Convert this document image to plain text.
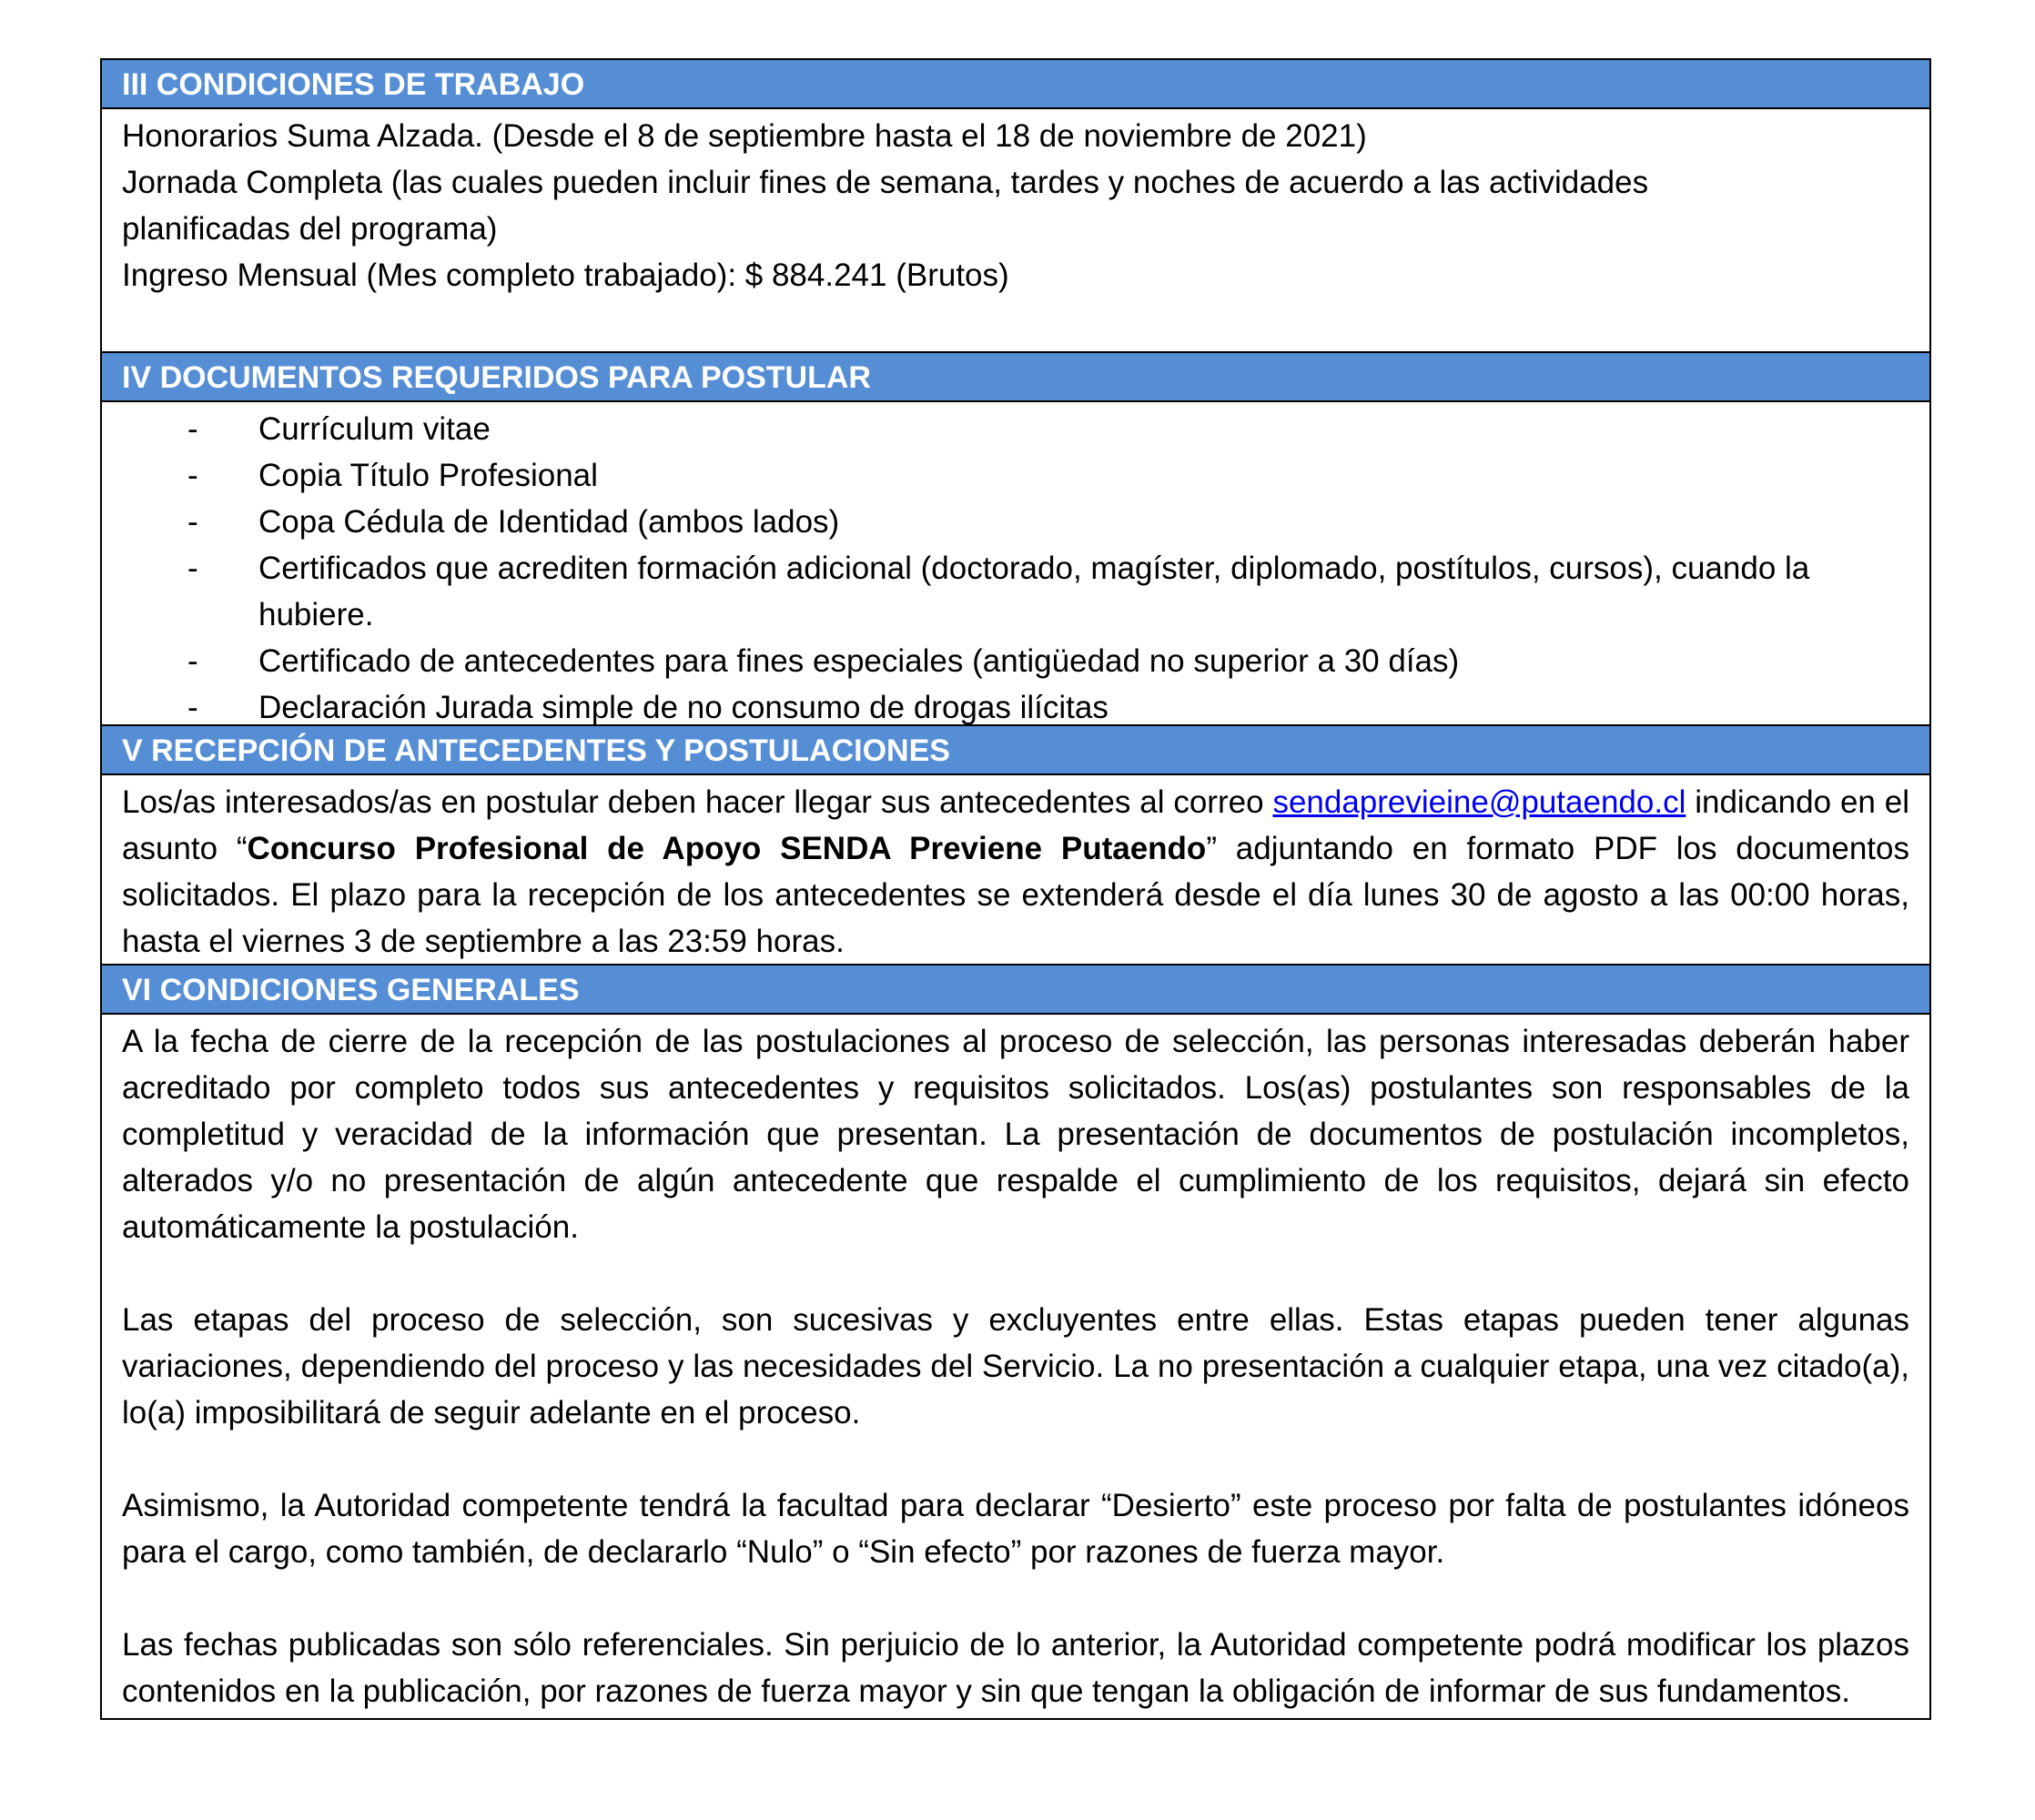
III CONDICIONES DE TRABAJO
Honorarios Suma Alzada. (Desde el 8 de septiembre hasta el 18 de noviembre de 2021)
Jornada Completa (las cuales pueden incluir fines de semana, tardes y noches de acuerdo a las actividades
planificadas del programa)
Ingreso Mensual (Mes completo trabajado): $ 884.241 (Brutos)
IV DOCUMENTOS REQUERIDOS PARA POSTULAR
- Currículum vitae
- Copia Título Profesional
- Copa Cédula de Identidad (ambos lados)
- Certificados que acrediten formación adicional (doctorado, magíster, diplomado, postítulos, cursos), cuando la hubiere.
- Certificado de antecedentes para fines especiales (antigüedad no superior a 30 días)
- Declaración Jurada simple de no consumo de drogas ilícitas
V RECEPCIÓN DE ANTECEDENTES Y POSTULACIONES
Los/as interesados/as en postular deben hacer llegar sus antecedentes al correo sendaprevieine@putaendo.cl indicando en el asunto “Concurso Profesional de Apoyo SENDA Previene Putaendo” adjuntando en formato PDF los documentos solicitados. El plazo para la recepción de los antecedentes se extenderá desde el día lunes 30 de agosto a las 00:00 horas, hasta el viernes 3 de septiembre a las 23:59 horas.
VI CONDICIONES GENERALES
A la fecha de cierre de la recepción de las postulaciones al proceso de selección, las personas interesadas deberán haber acreditado por completo todos sus antecedentes y requisitos solicitados. Los(as) postulantes son responsables de la completitud y veracidad de la información que presentan. La presentación de documentos de postulación incompletos, alterados y/o no presentación de algún antecedente que respalde el cumplimiento de los requisitos, dejará sin efecto automáticamente la postulación.
Las etapas del proceso de selección, son sucesivas y excluyentes entre ellas. Estas etapas pueden tener algunas variaciones, dependiendo del proceso y las necesidades del Servicio. La no presentación a cualquier etapa, una vez citado(a), lo(a) imposibilitará de seguir adelante en el proceso.
Asimismo, la Autoridad competente tendrá la facultad para declarar “Desierto” este proceso por falta de postulantes idóneos para el cargo, como también, de declararlo “Nulo” o “Sin efecto” por razones de fuerza mayor.
Las fechas publicadas son sólo referenciales. Sin perjuicio de lo anterior, la Autoridad competente podrá modificar los plazos contenidos en la publicación, por razones de fuerza mayor y sin que tengan la obligación de informar de sus fundamentos.
